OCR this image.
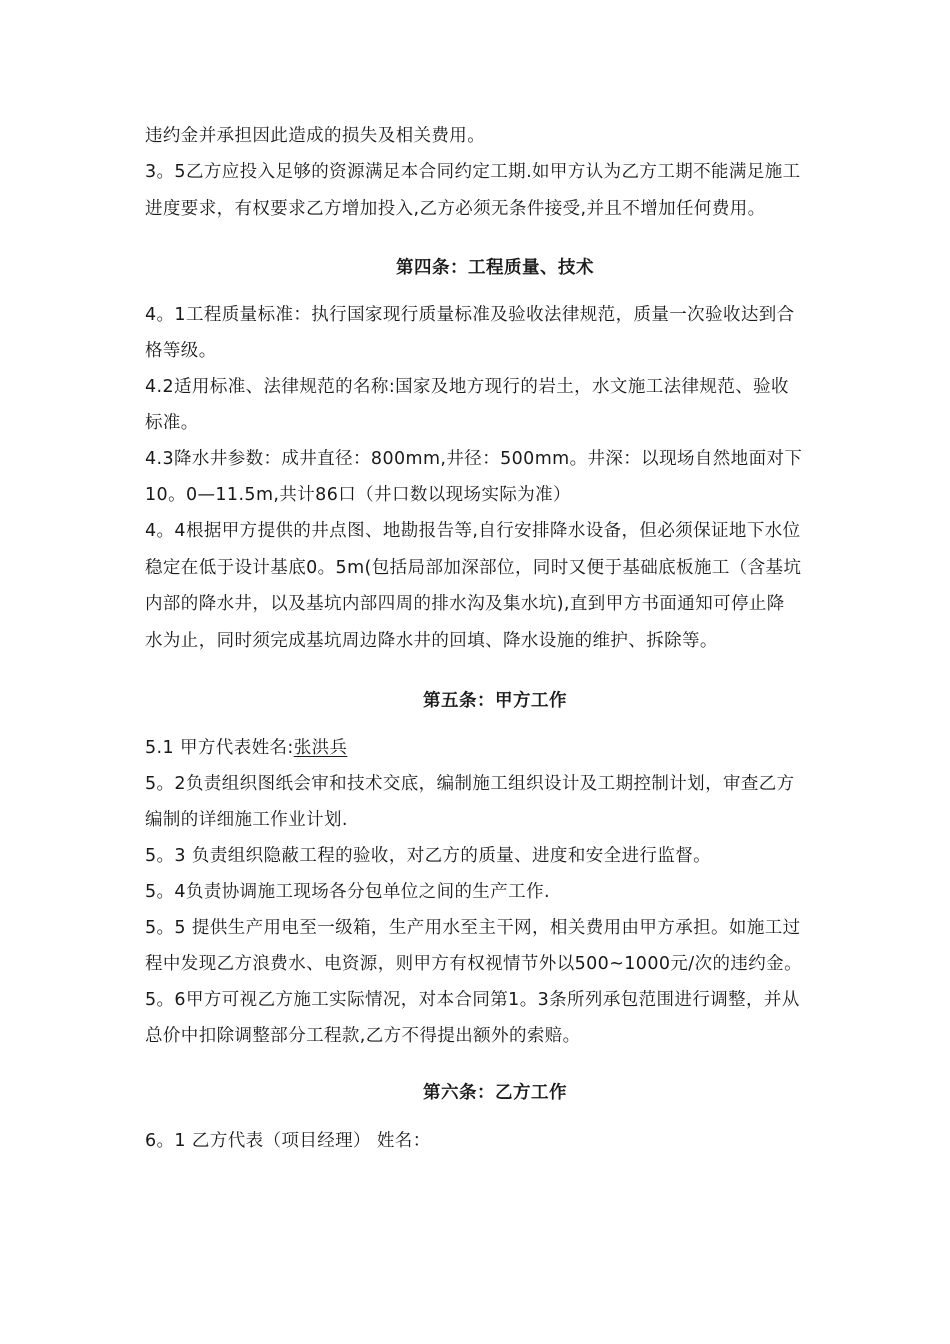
违约金并承担因此造成的损失及相关费用。
3。5乙方应投入足够的资源满足本合同约定工期.如甲方认为乙方工期不能满足施工
进度要求，有权要求乙方增加投入,乙方必须无条件接受,并且不增加任何费用。
第四条：工程质量、技术
4。1工程质量标准：执行国家现行质量标准及验收法律规范，质量一次验收达到合
格等级。
4.2适用标准、法律规范的名称:国家及地方现行的岩土，水文施工法律规范、验收
标准。
4.3降水井参数：成井直径：800mm,井径：500mm。井深：以现场自然地面对下
10。0—11.5m,共计86口（井口数以现场实际为准）
4。4根据甲方提供的井点图、地勘报告等,自行安排降水设备，但必须保证地下水位
稳定在低于设计基底0。5m(包括局部加深部位，同时又便于基础底板施工（含基坑
内部的降水井，以及基坑内部四周的排水沟及集水坑),直到甲方书面通知可停止降
水为止，同时须完成基坑周边降水井的回填、降水设施的维护、拆除等。
第五条：甲方工作
5.1 甲方代表姓名:张洪兵
5。2负责组织图纸会审和技术交底，编制施工组织设计及工期控制计划，审查乙方
编制的详细施工作业计划.
5。3 负责组织隐蔽工程的验收，对乙方的质量、进度和安全进行监督。
5。4负责协调施工现场各分包单位之间的生产工作.
5。5 提供生产用电至一级箱，生产用水至主干网，相关费用由甲方承担。如施工过
程中发现乙方浪费水、电资源，则甲方有权视情节外以500~1000元/次的违约金。
5。6甲方可视乙方施工实际情况，对本合同第1。3条所列承包范围进行调整，并从
总价中扣除调整部分工程款,乙方不得提出额外的索赔。
第六条：乙方工作
6。1 乙方代表（项目经理） 姓名：
